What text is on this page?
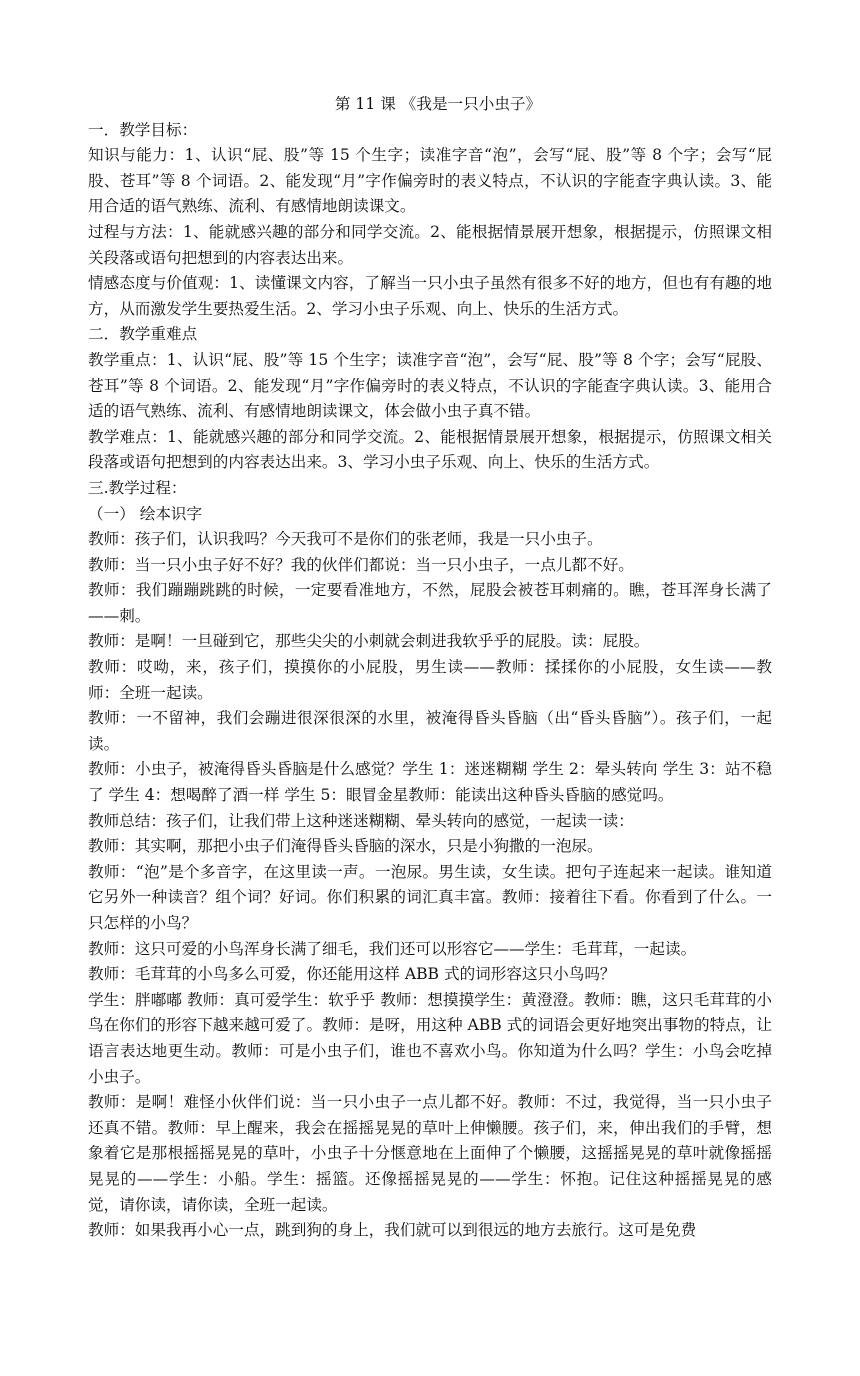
第 11 课 《我是一只小虫子》

一．教学目标：

知识与能力：1、认识“屁、股”等 15 个生字；读准字音“泡”，会写“屁、股”等 8 个字；会写“屁股、苍耳”等 8 个词语。2、能发现“月”字作偏旁时的表义特点，不认识的字能查字典认读。3、能用合适的语气熟练、流利、有感情地朗读课文。

过程与方法：1、能就感兴趣的部分和同学交流。2、能根据情景展开想象，根据提示，仿照课文相关段落或语句把想到的内容表达出来。

情感态度与价值观：1、读懂课文内容，了解当一只小虫子虽然有很多不好的地方，但也有有趣的地方，从而激发学生要热爱生活。2、学习小虫子乐观、向上、快乐的生活方式。

二．教学重难点

教学重点：1、认识“屁、股”等 15 个生字；读准字音“泡”，会写“屁、股”等 8 个字；会写“屁股、苍耳”等 8 个词语。2、能发现“月”字作偏旁时的表义特点，不认识的字能查字典认读。3、能用合适的语气熟练、流利、有感情地朗读课文，体会做小虫子真不错。

教学难点：1、能就感兴趣的部分和同学交流。2、能根据情景展开想象，根据提示，仿照课文相关段落或语句把想到的内容表达出来。3、学习小虫子乐观、向上、快乐的生活方式。

三.教学过程：

（一） 绘本识字

教师：孩子们，认识我吗？今天我可不是你们的张老师，我是一只小虫子。

教师：当一只小虫子好不好？我的伙伴们都说：当一只小虫子，一点儿都不好。

教师：我们蹦蹦跳跳的时候，一定要看准地方，不然，屁股会被苍耳刺痛的。瞧，苍耳浑身长满了——刺。

教师：是啊！一旦碰到它，那些尖尖的小刺就会刺进我软乎乎的屁股。读：屁股。

教师：哎呦，来，孩子们，摸摸你的小屁股，男生读——教师：揉揉你的小屁股，女生读——教师：全班一起读。

教师：一不留神，我们会蹦进很深很深的水里，被淹得昏头昏脑（出“昏头昏脑”）。孩子们，一起读。

教师：小虫子，被淹得昏头昏脑是什么感觉？学生 1：迷迷糊糊 学生 2：晕头转向 学生 3：站不稳了 学生 4：想喝醉了酒一样 学生 5：眼冒金星教师：能读出这种昏头昏脑的感觉吗。

教师总结：孩子们，让我们带上这种迷迷糊糊、晕头转向的感觉，一起读一读：

教师：其实啊，那把小虫子们淹得昏头昏脑的深水，只是小狗撒的一泡尿。

教师：“泡”是个多音字，在这里读一声。一泡尿。男生读，女生读。把句子连起来一起读。谁知道它另外一种读音？组个词？好词。你们积累的词汇真丰富。教师：接着往下看。你看到了什么。一只怎样的小鸟？

教师：这只可爱的小鸟浑身长满了细毛，我们还可以形容它——学生：毛茸茸，一起读。

教师：毛茸茸的小鸟多么可爱，你还能用这样 ABB 式的词形容这只小鸟吗？

学生：胖嘟嘟 教师：真可爱学生：软乎乎 教师：想摸摸学生：黄澄澄。教师：瞧，这只毛茸茸的小鸟在你们的形容下越来越可爱了。教师：是呀，用这种 ABB 式的词语会更好地突出事物的特点，让语言表达地更生动。教师：可是小虫子们，谁也不喜欢小鸟。你知道为什么吗？学生：小鸟会吃掉小虫子。

教师：是啊！难怪小伙伴们说：当一只小虫子一点儿都不好。教师：不过，我觉得，当一只小虫子还真不错。教师：早上醒来，我会在摇摇晃晃的草叶上伸懒腰。孩子们，来，伸出我们的手臂，想象着它是那根摇摇晃晃的草叶，小虫子十分惬意地在上面伸了个懒腰，这摇摇晃晃的草叶就像摇摇晃晃的——学生：小船。学生：摇篮。还像摇摇晃晃的——学生：怀抱。记住这种摇摇晃晃的感觉，请你读，请你读，全班一起读。

教师：如果我再小心一点，跳到狗的身上，我们就可以到很远的地方去旅行。这可是免费
